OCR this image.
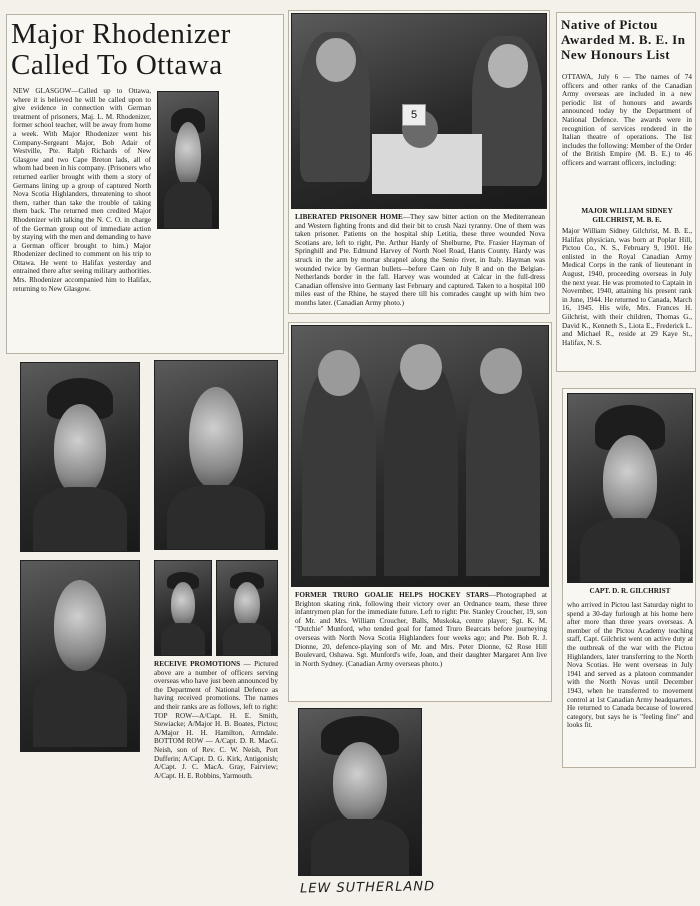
Major Rhodenizer Called To Ottawa
NEW GLASGOW—Called up to Ottawa, where it is believed he will be called upon to give evidence in connection with German treatment of prisoners, Maj. L. M. Rhodenizer, former school teacher, will be away from home a week. With Major Rhodenizer went his Company-Sergeant Major, Bob Adair of Westville, Pte. Ralph Richards of New Glasgow and two Cape Breton lads, all of whom had been in his company. (Prisoners who returned earlier brought with them a story of Germans lining up a group of captured North Nova Scotia Highlanders, threatening to shoot them, rather than take the trouble of taking them back. The returned men credited Major Rhodenizer with talking the N. C. O. in charge of the German group out of immediate action by staying with the men and demanding to have a German officer brought to him.) Major Rhodenizer declined to comment on his trip to Ottawa. He went to Halifax yesterday and entrained there after seeing military authorities. Mrs. Rhodenizer accompanied him to Halifax, returning to New Glasgow.
5
LIBERATED PRISONER HOME—They saw bitter action on the Mediterranean and Western fighting fronts and did their bit to crush Nazi tyranny. One of them was taken prisoner. Patients on the hospital ship Letitia, these three wounded Nova Scotians are, left to right, Pte. Arthur Hardy of Shelburne, Pte. Frasier Hayman of Springhill and Pte. Edmund Harvey of North Noel Road, Hants County. Hardy was struck in the arm by mortar shrapnel along the Senio river, in Italy. Hayman was wounded twice by German bullets—before Caen on July 8 and on the Belgian-Netherlands border in the fall. Harvey was wounded at Calcar in the full-dress Canadian offensive into Germany last February and captured. Taken to a hospital 100 miles east of the Rhine, he stayed there till his comrades caught up with him two months later. (Canadian Army photo.)
Native of Pictou Awarded M. B. E. In New Honours List
OTTAWA, July 6 — The names of 74 officers and other ranks of the Canadian Army overseas are included in a new periodic list of honours and awards announced today by the Department of National Defence. The awards were in recognition of services rendered in the Italian theatre of operations. The list includes the following: Member of the Order of the British Empire (M. B. E.) to 46 officers and warrant officers, including:
MAJOR WILLIAM SIDNEY GILCHRIST, M. B. E.
Major William Sidney Gilchrist, M. B. E., Halifax physician, was born at Poplar Hill, Pictou Co., N. S., February 9, 1901. He enlisted in the Royal Canadian Army Medical Corps in the rank of lieutenant in August, 1940, proceeding overseas in July the next year. He was promoted to Captain in November, 1940, attaining his present rank in June, 1944. He returned to Canada, March 16, 1945. His wife, Mrs. Frances H. Gilchrist, with their children, Thomas G., David K., Kenneth S., Liota E., Frederick L. and Michael R., reside at 29 Kaye St., Halifax, N. S.
RECEIVE PROMOTIONS — Pictured above are a number of officers serving overseas who have just been announced by the Department of National Defence as having received promotions. The names and their ranks are as follows, left to right: TOP ROW—A/Capt. H. E. Smith, Stewiacke; A/Major H. B. Boates, Pictou; A/Major H. H. Hamilton, Armdale. BOTTOM ROW — A/Capt. D. R. MacG. Neish, son of Rev. C. W. Neish, Port Dufferin; A/Capt. D. G. Kirk, Antigonish; A/Capt. J. C. MacA. Gray, Fairview; A/Capt. H. E. Robbins, Yarmouth.
FORMER TRURO GOALIE HELPS HOCKEY STARS—Photographed at Brighton skating rink, following their victory over an Ordnance team, these three infantrymen plan for the immediate future. Left to right: Pte. Stanley Croucher, 19, son of Mr. and Mrs. William Croucher, Balls, Muskoka, centre player; Sgt. K. M. "Dutchie" Munford, who tended goal for famed Truro Bearcats before journeying overseas with North Nova Scotia Highlanders four weeks ago; and Pte. Bob R. J. Dionne, 20, defence-playing son of Mr. and Mrs. Peter Dionne, 62 Rose Hill Boulevard, Oshawa. Sgt. Munford's wife, Joan, and their daughter Margaret Ann live in North Sydney. (Canadian Army overseas photo.)
CAPT. D. R. GILCHRIST
who arrived in Pictou last Saturday night to spend a 30-day furlough at his home here after more than three years overseas. A member of the Pictou Academy teaching staff, Capt. Gilchrist went on active duty at the outbreak of the war with the Pictou Highlanders, later transferring to the North Nova Scotias. He went overseas in July 1941 and served as a platoon commander with the North Novas until December 1943, when he transferred to movement control at 1st Canadian Army headquarters. He returned to Canada because of lowered category, but says he is "feeling fine" and looks fit.
LEW SUTHERLAND
